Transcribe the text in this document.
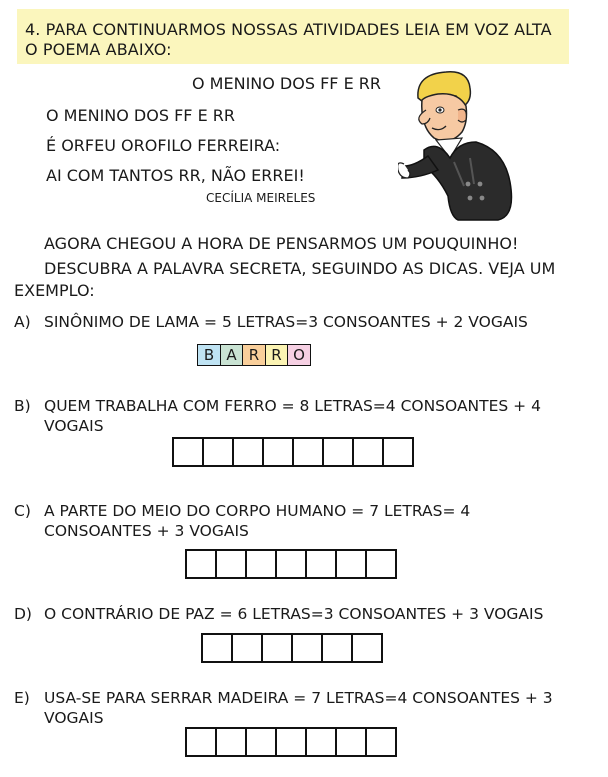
4. PARA CONTINUARMOS NOSSAS ATIVIDADES LEIA EM VOZ ALTA
O POEMA ABAIXO:
O MENINO DOS FF E RR
O MENINO DOS FF E RR
É ORFEU OROFILO FERREIRA:
AI COM TANTOS RR, NÃO ERREI!
CECÍLIA MEIRELES
AGORA CHEGOU A HORA DE PENSARMOS UM POUQUINHO!
DESCUBRA A PALAVRA SECRETA, SEGUINDO AS DICAS. VEJA UM
EXEMPLO:
A) SINÔNIMO DE LAMA = 5 LETRAS=3 CONSOANTES + 2 VOGAIS
B A R R O
B) QUEM TRABALHA COM FERRO = 8 LETRAS=4 CONSOANTES + 4
VOGAIS
C) A PARTE DO MEIO DO CORPO HUMANO = 7 LETRAS= 4
CONSOANTES + 3 VOGAIS
D) O CONTRÁRIO DE PAZ = 6 LETRAS=3 CONSOANTES + 3 VOGAIS
E) USA-SE PARA SERRAR MADEIRA = 7 LETRAS=4 CONSOANTES + 3
VOGAIS
